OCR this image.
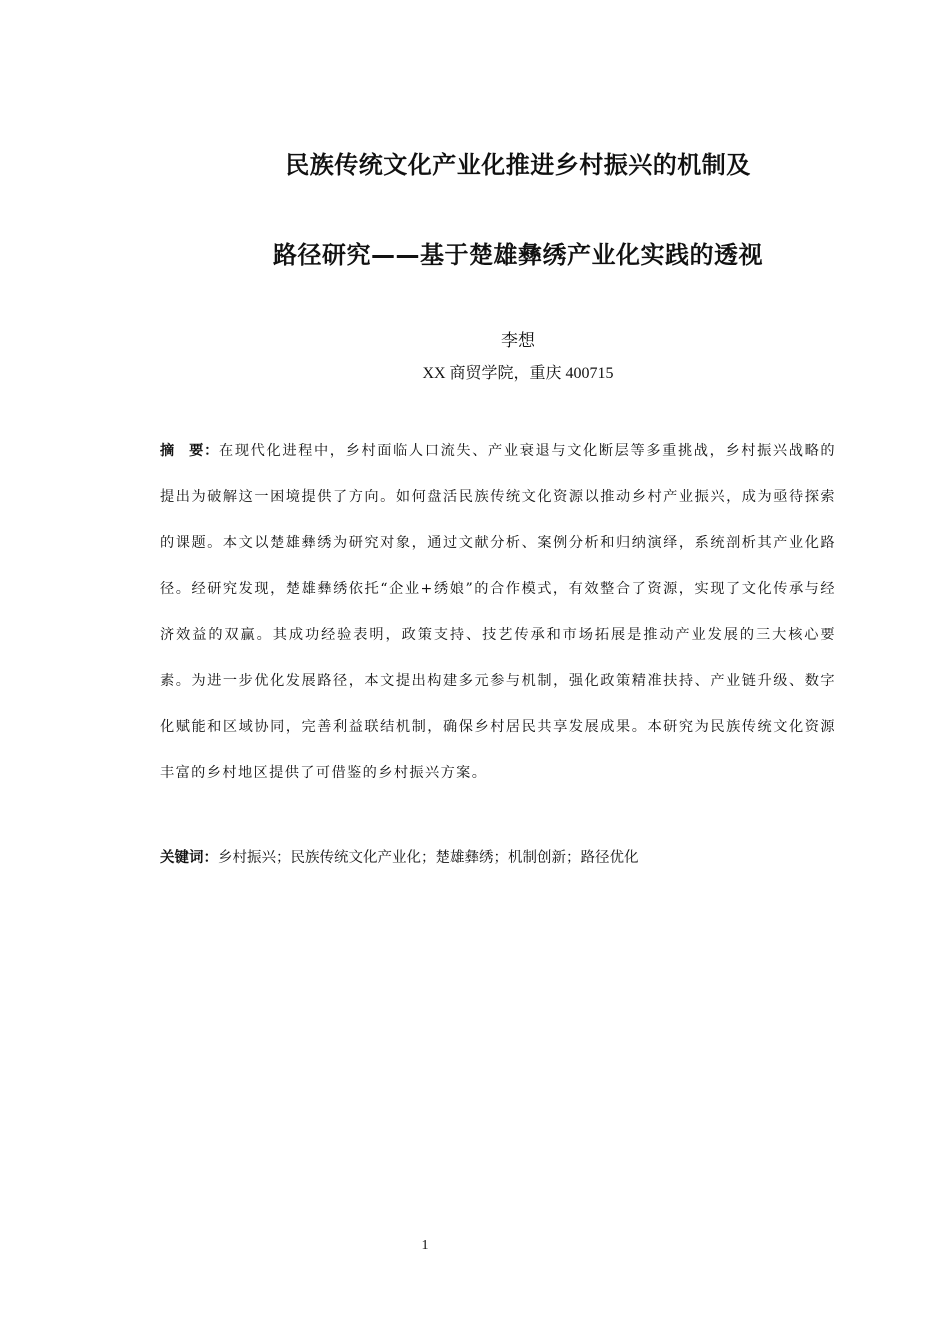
民族传统文化产业化推进乡村振兴的机制及
路径研究——基于楚雄彝绣产业化实践的透视
李想
XX 商贸学院，重庆 400715

摘 要：在现代化进程中，乡村面临人口流失、产业衰退与文化断层等多重挑战，乡村振兴战略的提出为破解这一困境提供了方向。如何盘活民族传统文化资源以推动乡村产业振兴，成为亟待探索的课题。本文以楚雄彝绣为研究对象，通过文献分析、案例分析和归纳演绎，系统剖析其产业化路径。经研究发现，楚雄彝绣依托“企业+绣娘”的合作模式，有效整合了资源，实现了文化传承与经济效益的双赢。其成功经验表明，政策支持、技艺传承和市场拓展是推动产业发展的三大核心要素。为进一步优化发展路径，本文提出构建多元参与机制，强化政策精准扶持、产业链升级、数字化赋能和区域协同，完善利益联结机制，确保乡村居民共享发展成果。本研究为民族传统文化资源丰富的乡村地区提供了可借鉴的乡村振兴方案。

关键词：乡村振兴；民族传统文化产业化；楚雄彝绣；机制创新；路径优化

1
